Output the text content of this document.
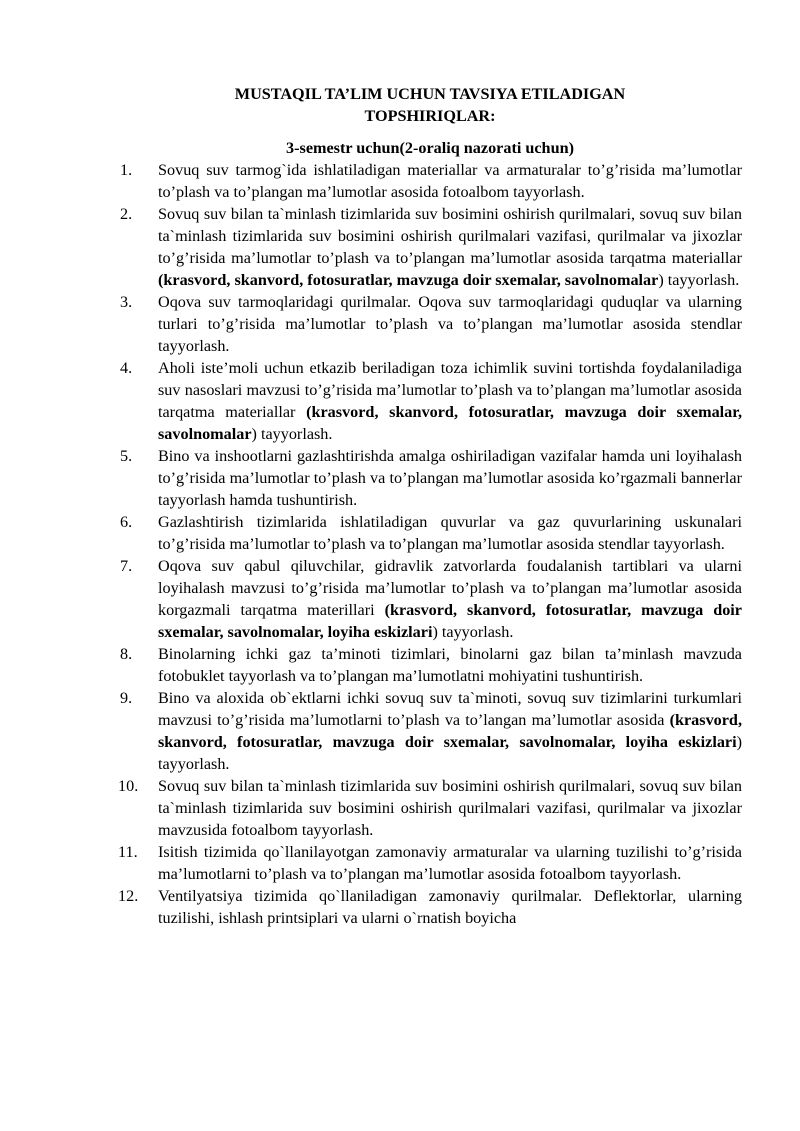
MUSTAQIL TA’LIM UCHUN TAVSIYA ETILADIGAN
TOPSHIRIQLAR:
3-semestr uchun(2-oraliq nazorati uchun)
1.	Sovuq suv tarmog`ida ishlatiladigan materiallar va armaturalar to’g’risida ma’lumotlar to’plash va to’plangan ma’lumotlar asosida fotoalbom tayyorlash.
2.	Sovuq suv bilan ta`minlash tizimlarida suv bosimini oshirish qurilmalari, sovuq suv bilan ta`minlash tizimlarida suv bosimini oshirish qurilmalari vazifasi, qurilmalar va jixozlar to’g’risida ma’lumotlar to’plash va to’plangan ma’lumotlar asosida tarqatma materiallar (krasvord, skanvord, fotosuratlar, mavzuga doir sxemalar, savolnomalar) tayyorlash.
3.	Oqova suv tarmoqlaridagi qurilmalar. Oqova suv tarmoqlaridagi quduqlar va ularning turlari to’g’risida ma’lumotlar to’plash va to’plangan ma’lumotlar asosida stendlar tayyorlash.
4.	Aholi iste’moli uchun etkazib beriladigan toza ichimlik suvini tortishda foydalaniladiga suv nasoslari mavzusi to’g’risida ma’lumotlar to’plash va to’plangan ma’lumotlar asosida tarqatma materiallar (krasvord, skanvord, fotosuratlar, mavzuga doir sxemalar, savolnomalar) tayyorlash.
5.	Bino va inshootlarni gazlashtirishda amalga oshiriladigan vazifalar hamda uni loyihalash to’g’risida ma’lumotlar to’plash va to’plangan ma’lumotlar asosida ko’rgazmali bannerlar tayyorlash hamda tushuntirish.
6.	Gazlashtirish tizimlarida ishlatiladigan quvurlar va gaz quvurlarining uskunalari to’g’risida ma’lumotlar to’plash va to’plangan ma’lumotlar asosida stendlar tayyorlash.
7.	Oqova suv qabul qiluvchilar, gidravlik zatvorlarda foudalanish tartiblari va ularni loyihalash mavzusi to’g’risida ma’lumotlar to’plash va to’plangan ma’lumotlar asosida korgazmali tarqatma materillari (krasvord, skanvord, fotosuratlar, mavzuga doir sxemalar, savolnomalar, loyiha eskizlari) tayyorlash.
8.	Binolarning ichki gaz ta’minoti tizimlari, binolarni gaz bilan ta’minlash mavzuda fotobuklet tayyorlash va to’plangan ma’lumotlatni mohiyatini tushuntirish.
9.	Bino va aloxida ob`ektlarni ichki sovuq suv ta`minoti, sovuq suv tizimlarini turkumlari mavzusi to’g’risida ma’lumotlarni to’plash va to’langan ma’lumotlar asosida (krasvord, skanvord, fotosuratlar, mavzuga doir sxemalar, savolnomalar, loyiha eskizlari) tayyorlash.
10.	Sovuq suv bilan ta`minlash tizimlarida suv bosimini oshirish qurilmalari, sovuq suv bilan ta`minlash tizimlarida suv bosimini oshirish qurilmalari vazifasi, qurilmalar va jixozlar mavzusida fotoalbom tayyorlash.
11.	Isitish tizimida qo`llanilayotgan zamonaviy armaturalar va ularning tuzilishi to’g’risida ma’lumotlarni to’plash va to’plangan ma’lumotlar asosida fotoalbom tayyorlash.
12.	Ventilyatsiya tizimida qo`llaniladigan zamonaviy qurilmalar. Deflektorlar, ularning tuzilishi, ishlash printsiplari va ularni o`rnatish boyicha
